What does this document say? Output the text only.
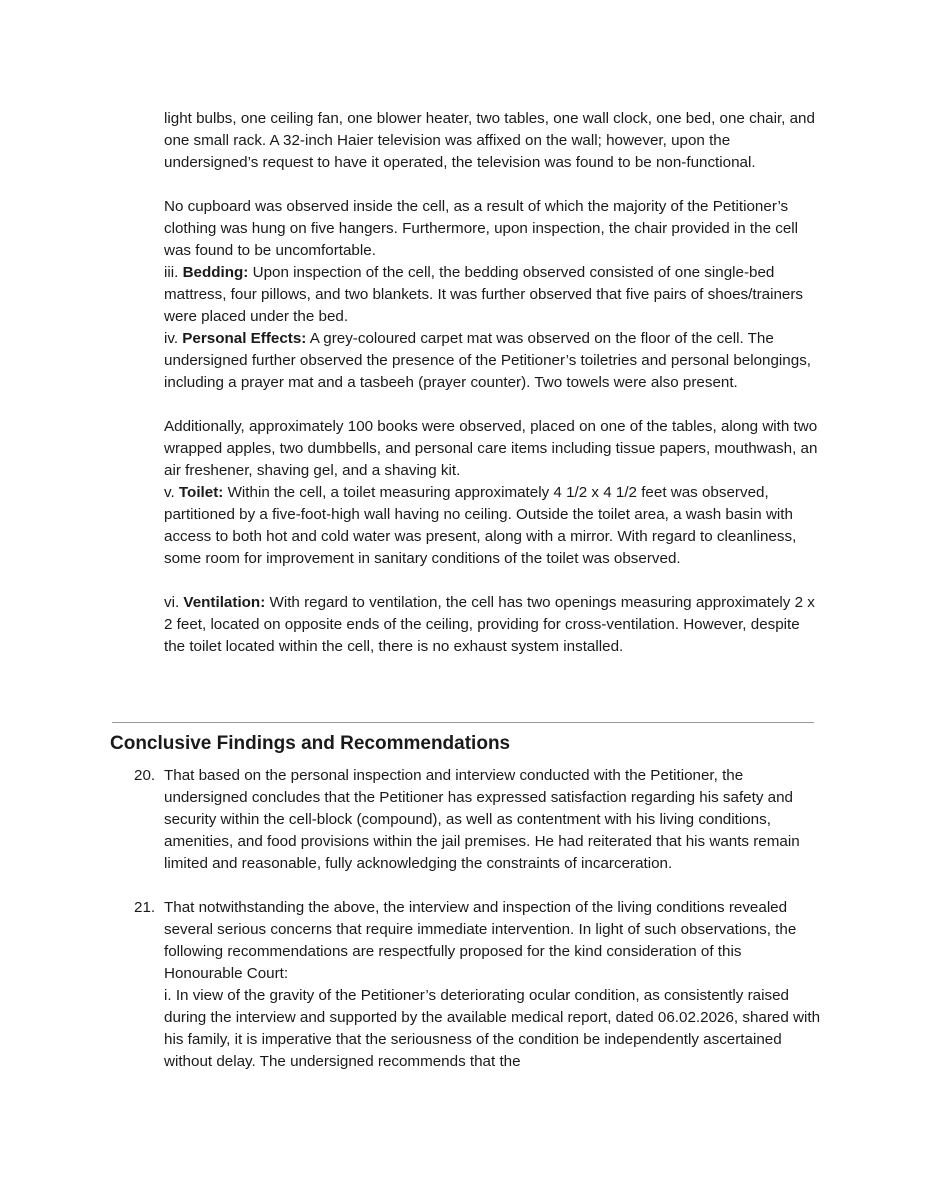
light bulbs, one ceiling fan, one blower heater, two tables, one wall clock, one bed, one chair, and one small rack. A 32-inch Haier television was affixed on the wall; however, upon the undersigned’s request to have it operated, the television was found to be non-functional.
No cupboard was observed inside the cell, as a result of which the majority of the Petitioner’s clothing was hung on five hangers. Furthermore, upon inspection, the chair provided in the cell was found to be uncomfortable.
iii. Bedding: Upon inspection of the cell, the bedding observed consisted of one single-bed mattress, four pillows, and two blankets. It was further observed that five pairs of shoes/trainers were placed under the bed.
iv. Personal Effects: A grey-coloured carpet mat was observed on the floor of the cell. The undersigned further observed the presence of the Petitioner’s toiletries and personal belongings, including a prayer mat and a tasbeeh (prayer counter). Two towels were also present.
Additionally, approximately 100 books were observed, placed on one of the tables, along with two wrapped apples, two dumbbells, and personal care items including tissue papers, mouthwash, an air freshener, shaving gel, and a shaving kit.
v. Toilet: Within the cell, a toilet measuring approximately 4 1/2 x 4 1/2 feet was observed, partitioned by a five-foot-high wall having no ceiling. Outside the toilet area, a wash basin with access to both hot and cold water was present, along with a mirror. With regard to cleanliness, some room for improvement in sanitary conditions of the toilet was observed.
vi. Ventilation: With regard to ventilation, the cell has two openings measuring approximately 2 x 2 feet, located on opposite ends of the ceiling, providing for cross-ventilation. However, despite the toilet located within the cell, there is no exhaust system installed.
Conclusive Findings and Recommendations
20. That based on the personal inspection and interview conducted with the Petitioner, the undersigned concludes that the Petitioner has expressed satisfaction regarding his safety and security within the cell-block (compound), as well as contentment with his living conditions, amenities, and food provisions within the jail premises. He had reiterated that his wants remain limited and reasonable, fully acknowledging the constraints of incarceration.
21. That notwithstanding the above, the interview and inspection of the living conditions revealed several serious concerns that require immediate intervention. In light of such observations, the following recommendations are respectfully proposed for the kind consideration of this Honourable Court:
i. In view of the gravity of the Petitioner’s deteriorating ocular condition, as consistently raised during the interview and supported by the available medical report, dated 06.02.2026, shared with his family, it is imperative that the seriousness of the condition be independently ascertained without delay. The undersigned recommends that the
